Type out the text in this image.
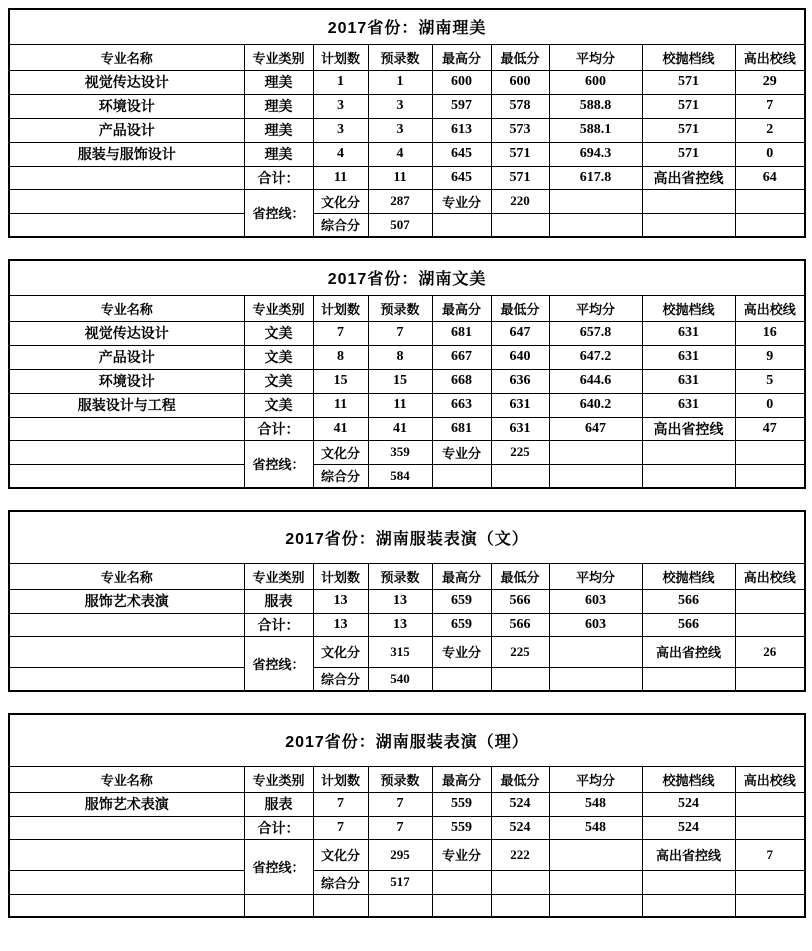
2017省份：湖南理美								
专业名称	专业类别	计划数	预录数	最高分	最低分	平均分	校抛档线	高出校线
视觉传达设计	理美	1	1	600	600	600	571	29
环境设计	理美	3	3	597	578	588.8	571	7
产品设计	理美	3	3	613	573	588.1	571	2
服装与服饰设计	理美	4	4	645	571	694.3	571	0
	合计：	11	11	645	571	617.8	高出省控线	64
	省控线：	文化分	287	专业分	220			
		综合分	507					
2017省份：湖南文美								
专业名称	专业类别	计划数	预录数	最高分	最低分	平均分	校抛档线	高出校线
视觉传达设计	文美	7	7	681	647	657.8	631	16
产品设计	文美	8	8	667	640	647.2	631	9
环境设计	文美	15	15	668	636	644.6	631	5
服装设计与工程	文美	11	11	663	631	640.2	631	0
	合计：	41	41	681	631	647	高出省控线	47
	省控线：	文化分	359	专业分	225			
		综合分	584					
2017省份：湖南服装表演（文）								
专业名称	专业类别	计划数	预录数	最高分	最低分	平均分	校抛档线	高出校线
服饰艺术表演	服表	13	13	659	566	603	566	
	合计：	13	13	659	566	603	566	
	省控线：	文化分	315	专业分	225		高出省控线	26
		综合分	540					
2017省份：湖南服装表演（理）								
专业名称	专业类别	计划数	预录数	最高分	最低分	平均分	校抛档线	高出校线
服饰艺术表演	服表	7	7	559	524	548	524	
	合计：	7	7	559	524	548	524	
	省控线：	文化分	295	专业分	222		高出省控线	7
		综合分	517					
